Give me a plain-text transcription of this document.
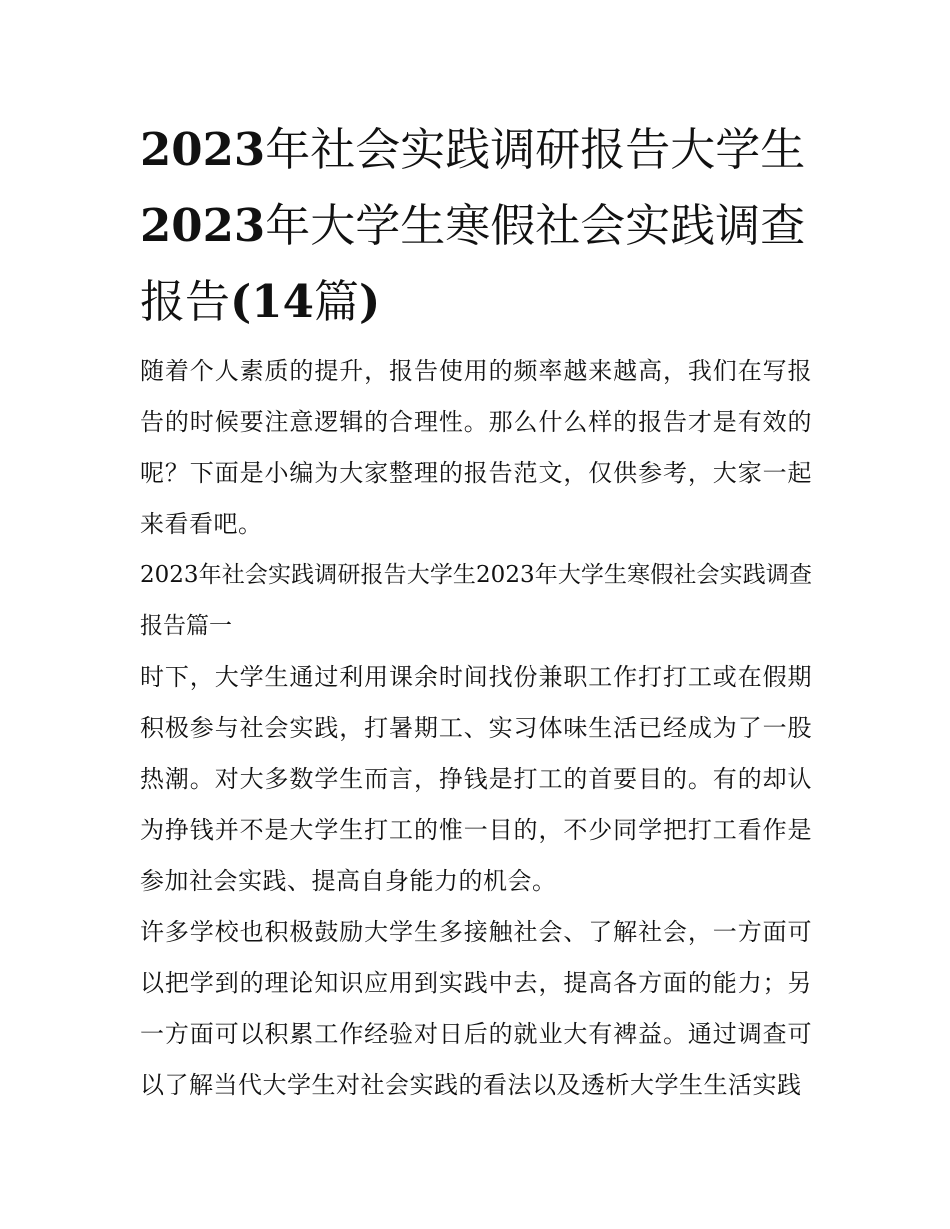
2023年社会实践调研报告大学生2023年大学生寒假社会实践调查报告(14篇)

随着个人素质的提升，报告使用的频率越来越高，我们在写报告的时候要注意逻辑的合理性。那么什么样的报告才是有效的呢？下面是小编为大家整理的报告范文，仅供参考，大家一起来看看吧。

2023年社会实践调研报告大学生2023年大学生寒假社会实践调查报告篇一

时下，大学生通过利用课余时间找份兼职工作打打工或在假期积极参与社会实践，打暑期工、实习体味生活已经成为了一股热潮。对大多数学生而言，挣钱是打工的首要目的。有的却认为挣钱并不是大学生打工的惟一目的，不少同学把打工看作是参加社会实践、提高自身能力的机会。

许多学校也积极鼓励大学生多接触社会、了解社会，一方面可以把学到的理论知识应用到实践中去，提高各方面的能力；另一方面可以积累工作经验对日后的就业大有裨益。通过调查可以了解当代大学生对社会实践的看法以及透析大学生生活实践
